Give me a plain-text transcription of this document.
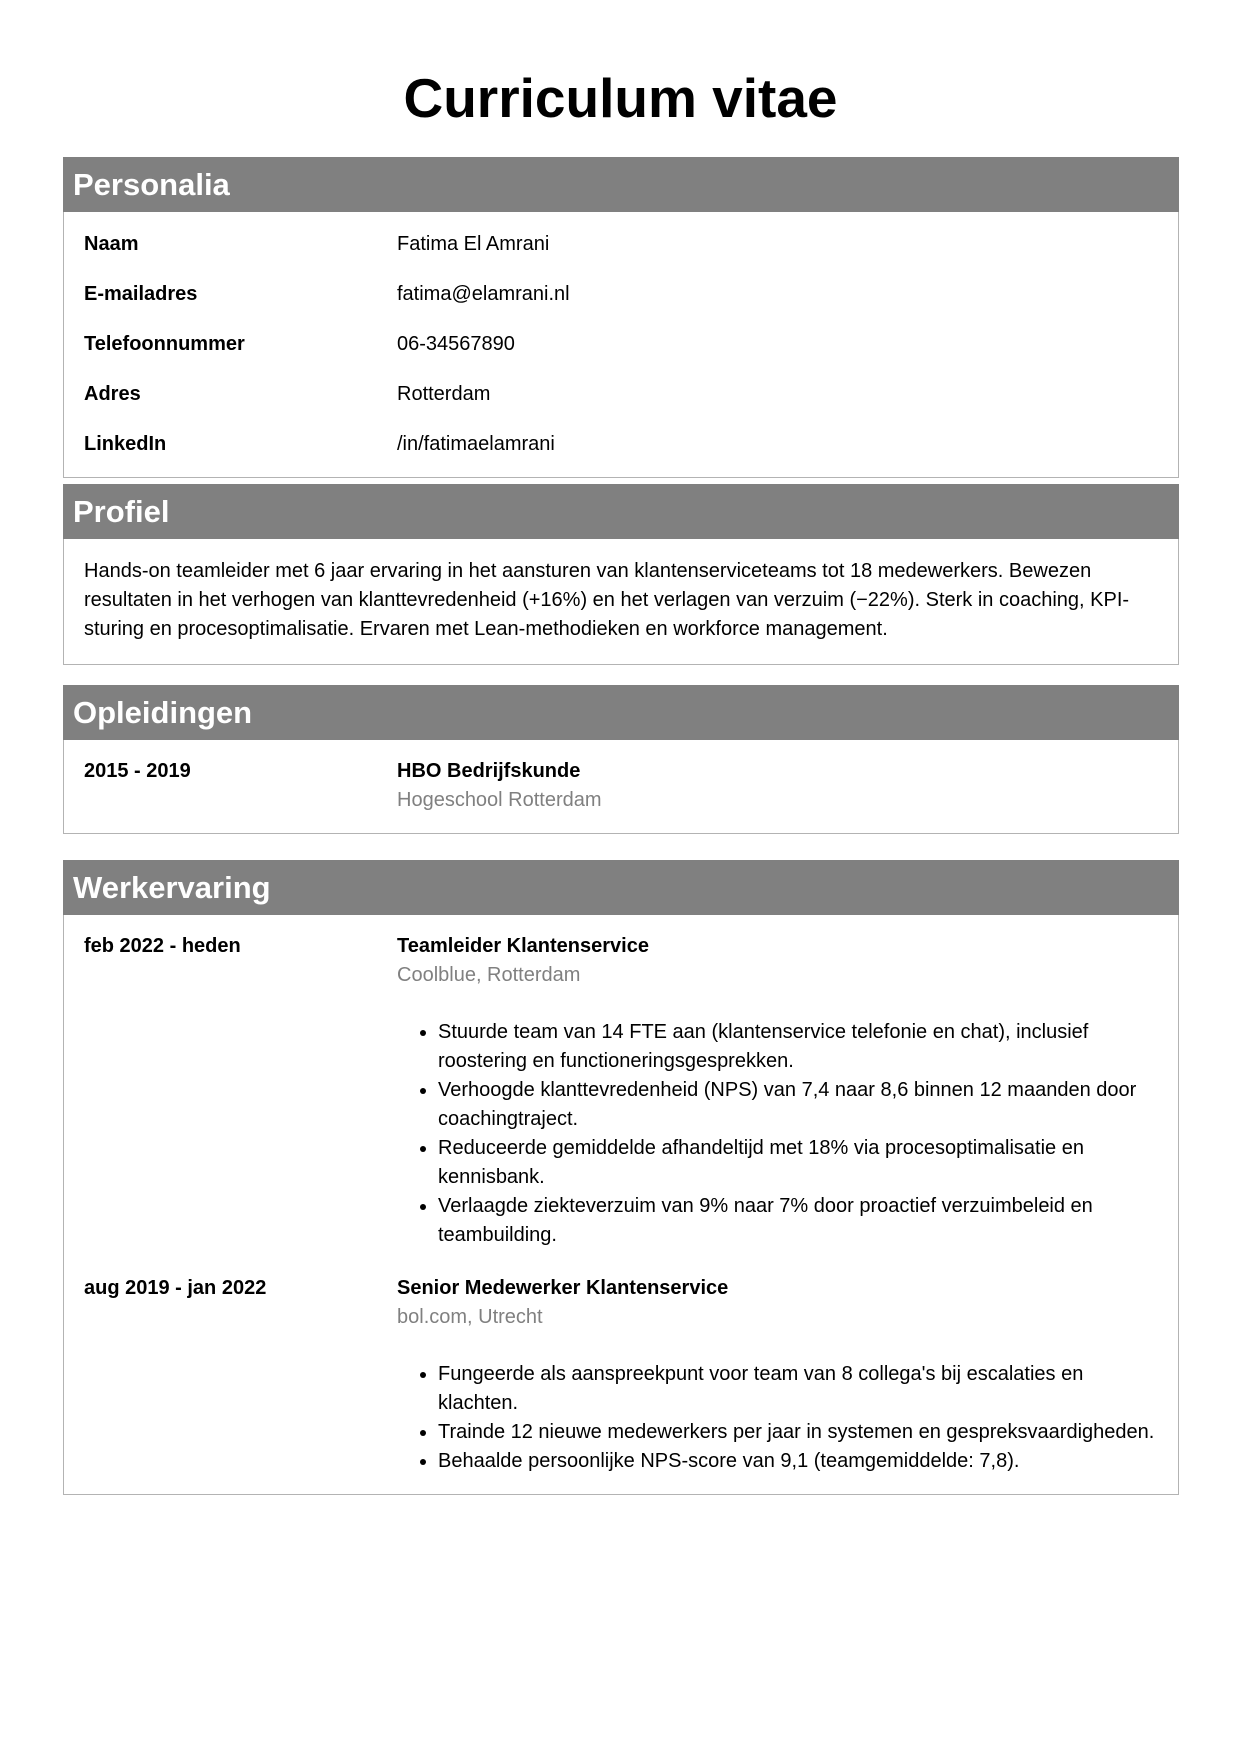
Curriculum vitae
Personalia
Naam	Fatima El Amrani
E-mailadres	fatima@elamrani.nl
Telefoonnummer	06-34567890
Adres	Rotterdam
LinkedIn	/in/fatimaelamrani
Profiel
Hands-on teamleider met 6 jaar ervaring in het aansturen van klantenserviceteams tot 18 medewerkers. Bewezen resultaten in het verhogen van klanttevredenheid (+16%) en het verlagen van verzuim (−22%). Sterk in coaching, KPI-sturing en procesoptimalisatie. Ervaren met Lean-methodieken en workforce management.
Opleidingen
2015 - 2019	HBO Bedrijfskunde
Hogeschool Rotterdam
Werkervaring
feb 2022 - heden	Teamleider Klantenservice
Coolblue, Rotterdam
• Stuurde team van 14 FTE aan (klantenservice telefonie en chat), inclusief roostering en functioneringsgesprekken.
• Verhoogde klanttevredenheid (NPS) van 7,4 naar 8,6 binnen 12 maanden door coachingtraject.
• Reduceerde gemiddelde afhandeltijd met 18% via procesoptimalisatie en kennisbank.
• Verlaagde ziekteverzuim van 9% naar 7% door proactief verzuimbeleid en teambuilding.
aug 2019 - jan 2022	Senior Medewerker Klantenservice
bol.com, Utrecht
• Fungeerde als aanspreekpunt voor team van 8 collega's bij escalaties en klachten.
• Trainde 12 nieuwe medewerkers per jaar in systemen en gespreksvaardigheden.
• Behaalde persoonlijke NPS-score van 9,1 (teamgemiddelde: 7,8).
